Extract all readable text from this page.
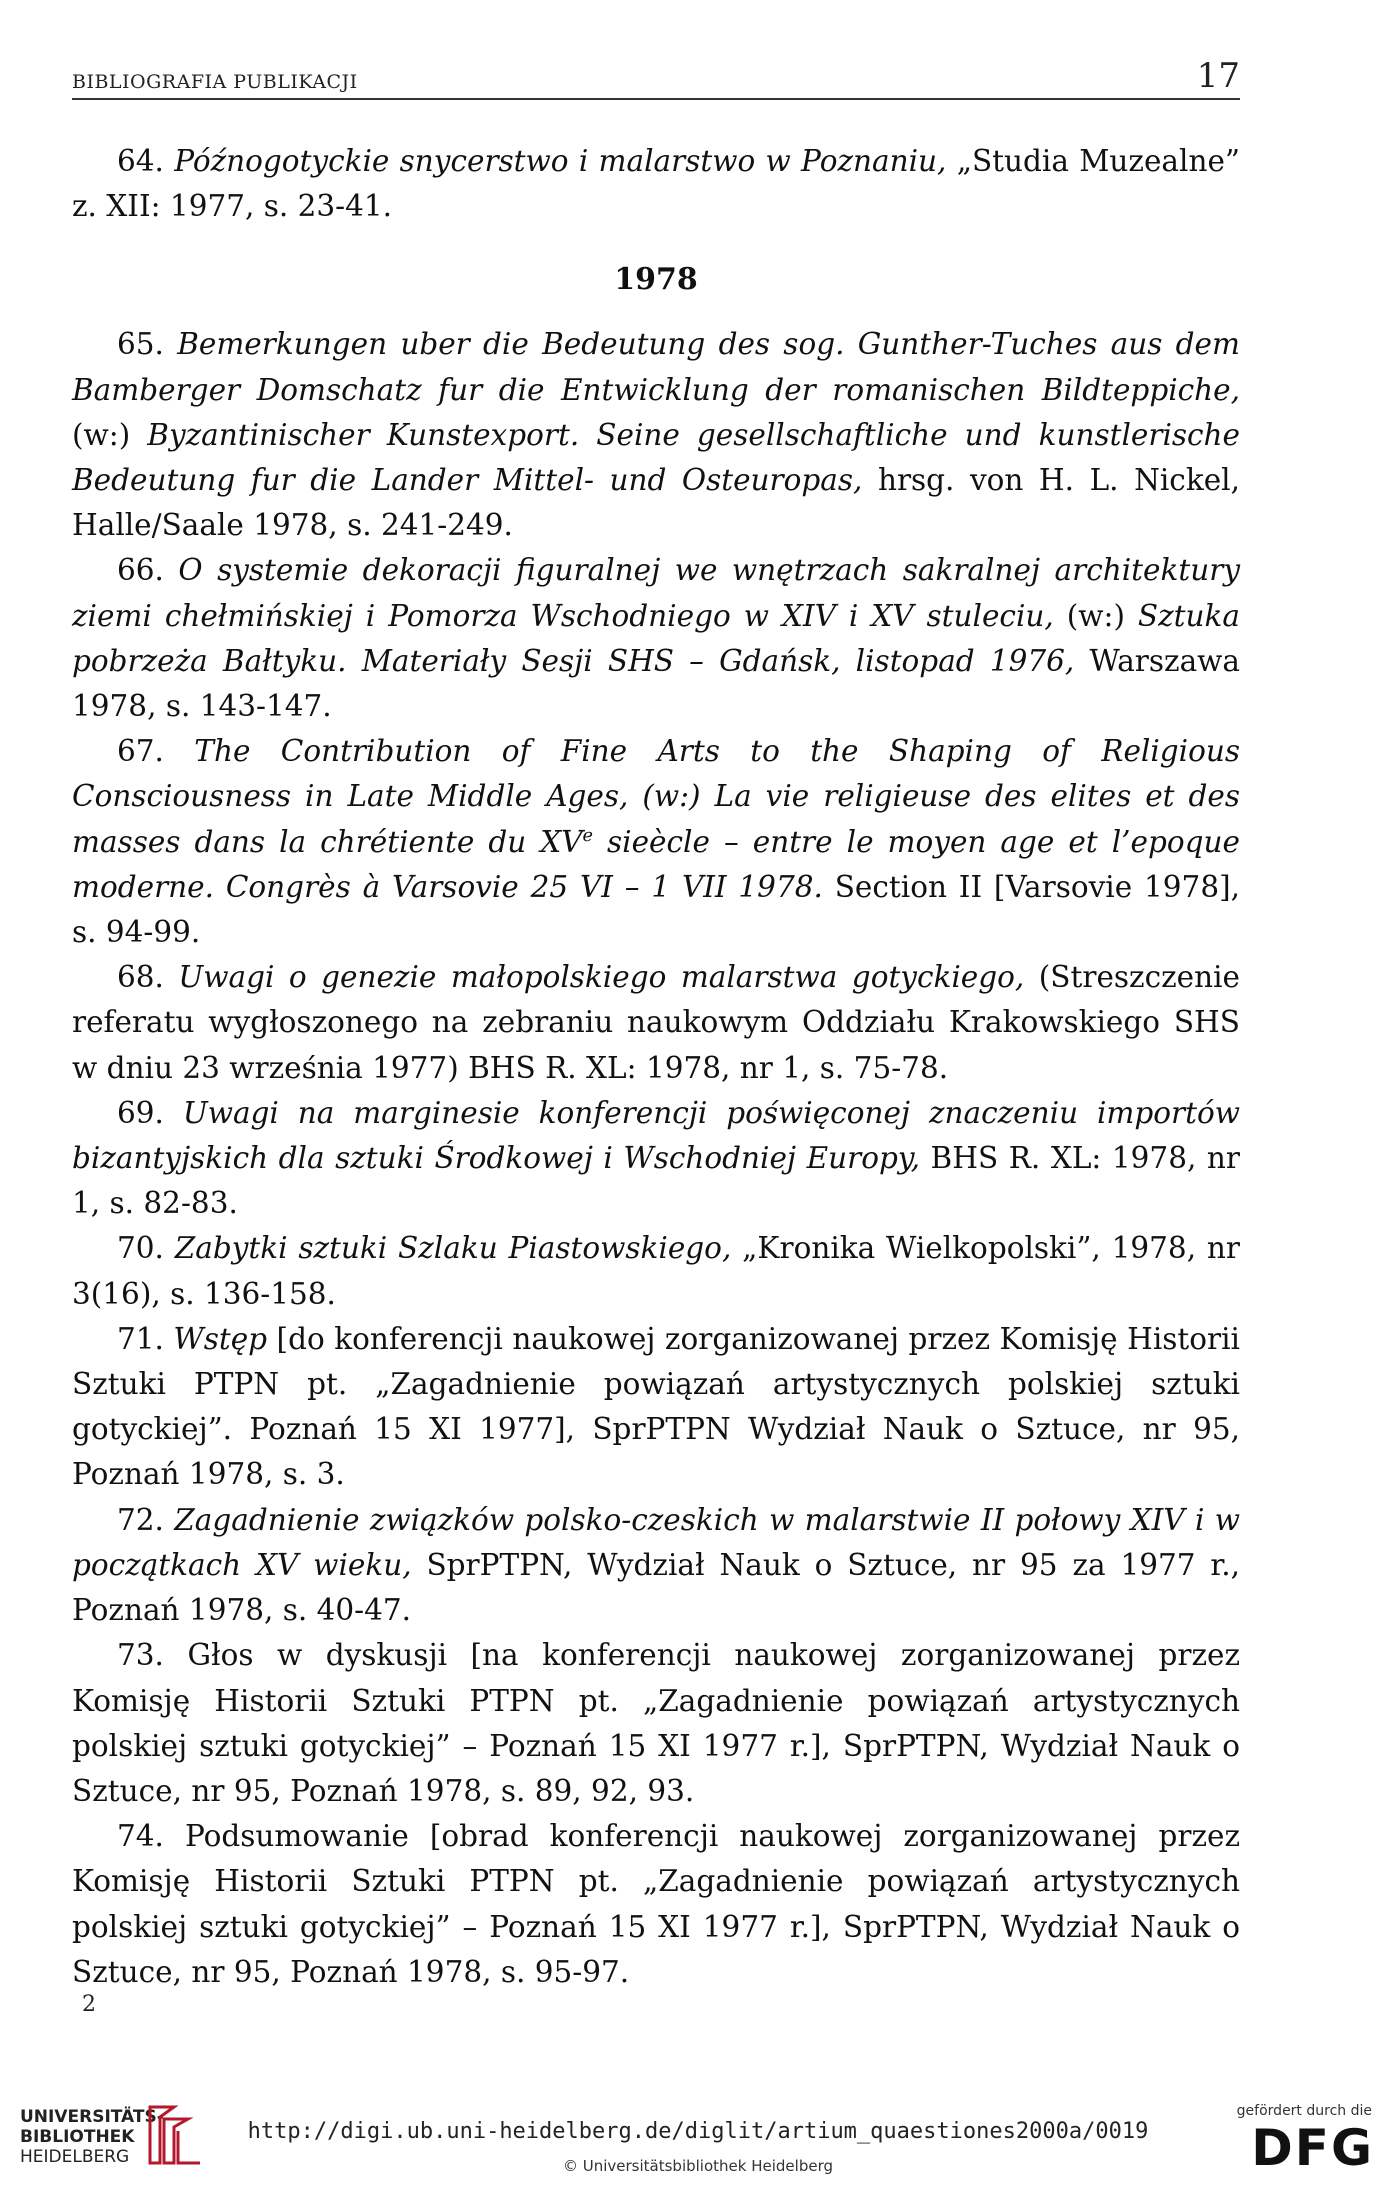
BIBLIOGRAFIA PUBLIKACJI	17

64. Późnogotyckie snycerstwo i malarstwo w Poznaniu, „Studia Muzealne” z. XII: 1977, s. 23-41.

1978

65. Bemerkungen uber die Bedeutung des sog. Gunther-Tuches aus dem Bamberger Domschatz fur die Entwicklung der romanischen Bildteppiche, (w:) Byzantinischer Kunstexport. Seine gesellschaftliche und kunstlerische Bedeutung fur die Lander Mittel- und Osteuropas, hrsg. von H. L. Nickel, Halle/Saale 1978, s. 241-249.

66. O systemie dekoracji figuralnej we wnętrzach sakralnej architektury ziemi chełmińskiej i Pomorza Wschodniego w XIV i XV stuleciu, (w:) Sztuka pobrzeża Bałtyku. Materiały Sesji SHS – Gdańsk, listopad 1976, Warszawa 1978, s. 143-147.

67. The Contribution of Fine Arts to the Shaping of Religious Consciousness in Late Middle Ages, (w:) La vie religieuse des elites et des masses dans la chrétiente du XVe sieècle – entre le moyen age et l’epoque moderne. Congrès à Varsovie 25 VI – 1 VII 1978. Section II [Varsovie 1978], s. 94-99.

68. Uwagi o genezie małopolskiego malarstwa gotyckiego, (Streszczenie referatu wygłoszonego na zebraniu naukowym Oddziału Krakowskiego SHS w dniu 23 września 1977) BHS R. XL: 1978, nr 1, s. 75-78.

69. Uwagi na marginesie konferencji poświęconej znaczeniu importów bizantyjskich dla sztuki Środkowej i Wschodniej Europy, BHS R. XL: 1978, nr 1, s. 82-83.

70. Zabytki sztuki Szlaku Piastowskiego, „Kronika Wielkopolski”, 1978, nr 3(16), s. 136-158.

71. Wstęp [do konferencji naukowej zorganizowanej przez Komisję Historii Sztuki PTPN pt. „Zagadnienie powiązań artystycznych polskiej sztuki gotyckiej”. Poznań 15 XI 1977], SprPTPN Wydział Nauk o Sztuce, nr 95, Poznań 1978, s. 3.

72. Zagadnienie związków polsko-czeskich w malarstwie II połowy XIV i w początkach XV wieku, SprPTPN, Wydział Nauk o Sztuce, nr 95 za 1977 r., Poznań 1978, s. 40-47.

73. Głos w dyskusji [na konferencji naukowej zorganizowanej przez Komisję Historii Sztuki PTPN pt. „Zagadnienie powiązań artystycznych polskiej sztuki gotyckiej” – Poznań 15 XI 1977 r.], SprPTPN, Wydział Nauk o Sztuce, nr 95, Poznań 1978, s. 89, 92, 93.

74. Podsumowanie [obrad konferencji naukowej zorganizowanej przez Komisję Historii Sztuki PTPN pt. „Zagadnienie powiązań artystycznych polskiej sztuki gotyckiej” – Poznań 15 XI 1977 r.], SprPTPN, Wydział Nauk o Sztuce, nr 95, Poznań 1978, s. 95-97.

2
UNIVERSITÄTS-
BIBLIOTHEK
HEIDELBERG
http://digi.ub.uni-heidelberg.de/diglit/artium_quaestiones2000a/0019
© Universitätsbibliothek Heidelberg
gefördert durch die
DFG
